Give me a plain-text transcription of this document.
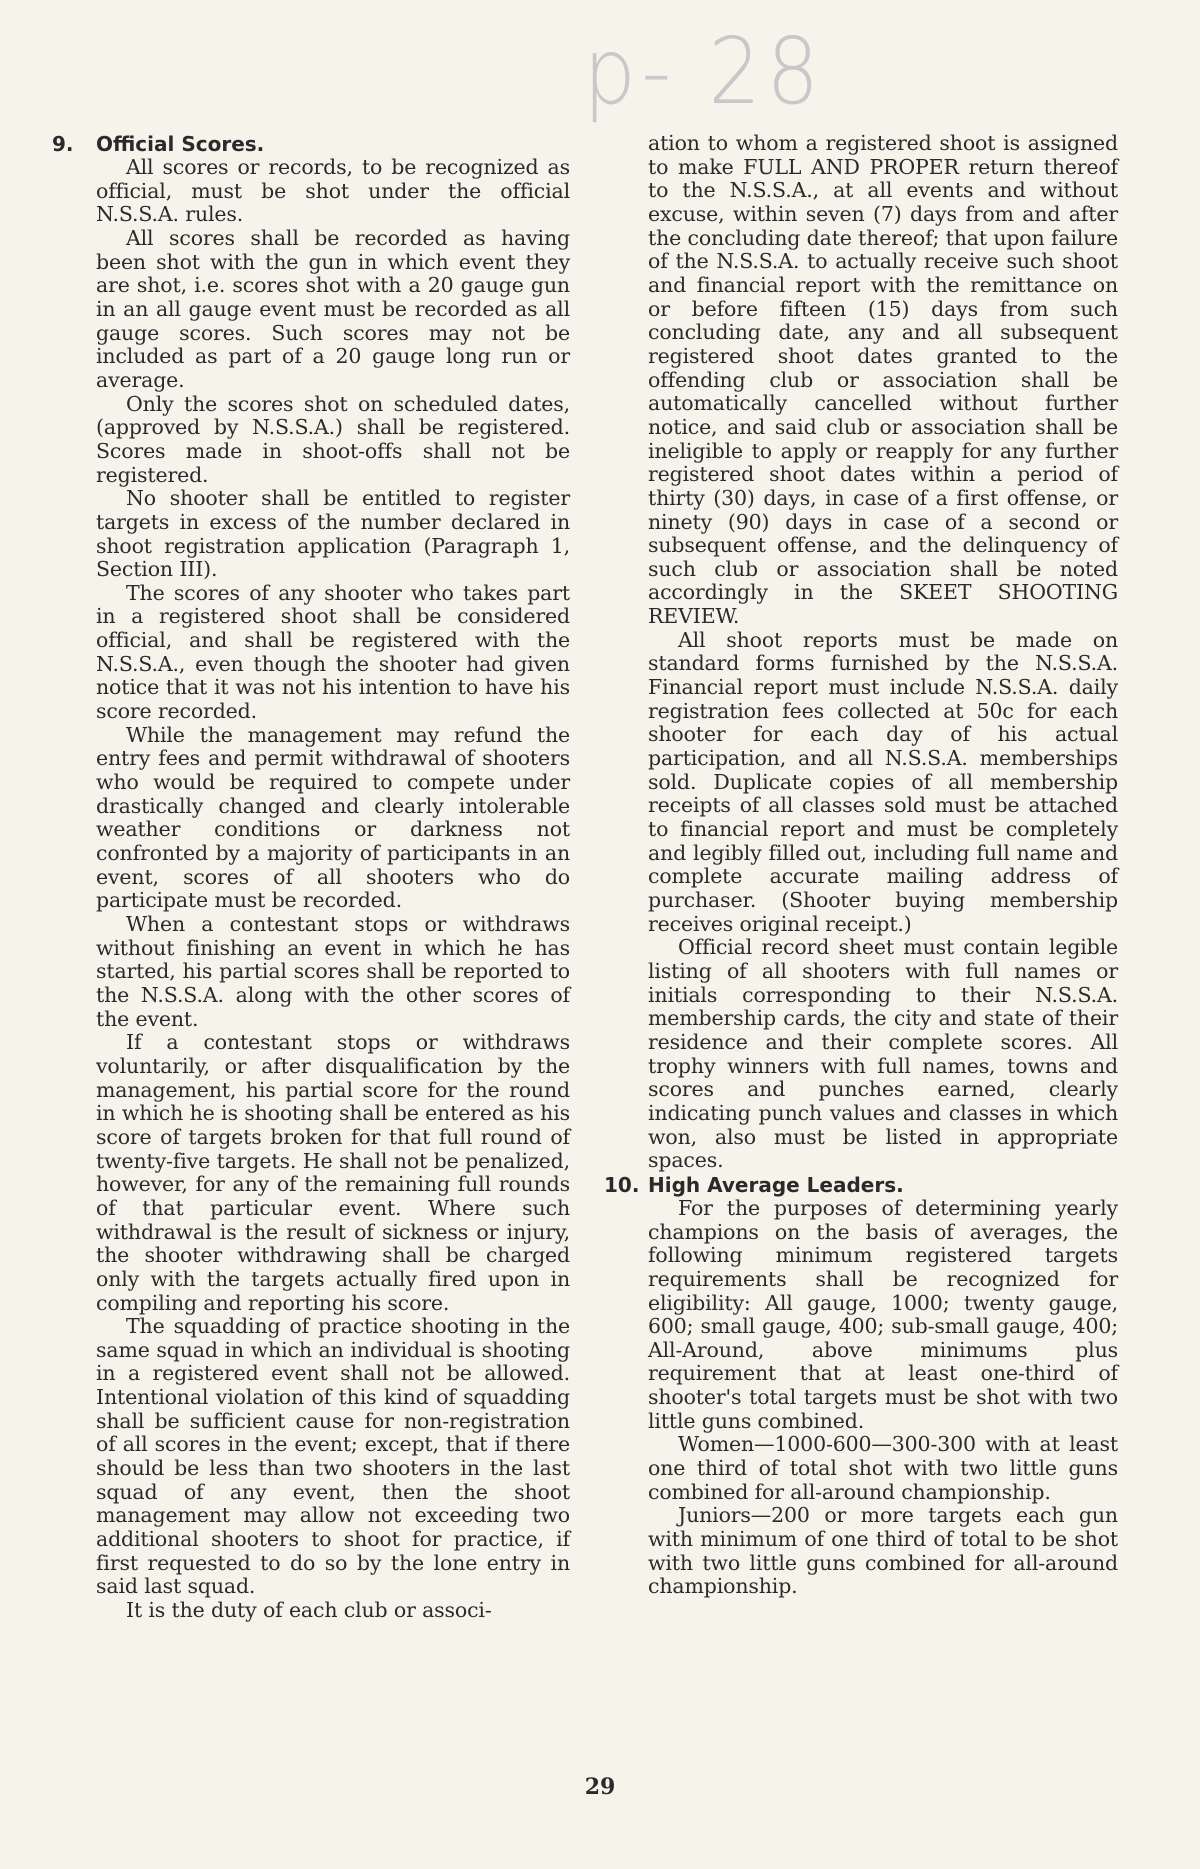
p- 28
9. Official Scores.

All scores or records, to be recognized as official, must be shot under the official N.S.S.A. rules.

All scores shall be recorded as having been shot with the gun in which event they are shot, i.e. scores shot with a 20 gauge gun in an all gauge event must be recorded as all gauge scores. Such scores may not be included as part of a 20 gauge long run or average.

Only the scores shot on scheduled dates, (approved by N.S.S.A.) shall be registered. Scores made in shoot-offs shall not be registered.

No shooter shall be entitled to register targets in excess of the number declared in shoot registration application (Paragraph 1, Section III).

The scores of any shooter who takes part in a registered shoot shall be considered official, and shall be registered with the N.S.S.A., even though the shooter had given notice that it was not his intention to have his score recorded.

While the management may refund the entry fees and permit withdrawal of shooters who would be required to compete under drastically changed and clearly intolerable weather conditions or darkness not confronted by a majority of participants in an event, scores of all shooters who do participate must be recorded.

When a contestant stops or withdraws without finishing an event in which he has started, his partial scores shall be reported to the N.S.S.A. along with the other scores of the event.

If a contestant stops or withdraws voluntarily, or after disqualification by the management, his partial score for the round in which he is shooting shall be entered as his score of targets broken for that full round of twenty-five targets. He shall not be penalized, however, for any of the remaining full rounds of that particular event. Where such withdrawal is the result of sickness or injury, the shooter withdrawing shall be charged only with the targets actually fired upon in compiling and reporting his score.

The squadding of practice shooting in the same squad in which an individual is shooting in a registered event shall not be allowed. Intentional violation of this kind of squadding shall be sufficient cause for non-registration of all scores in the event; except, that if there should be less than two shooters in the last squad of any event, then the shoot management may allow not exceeding two additional shooters to shoot for practice, if first requested to do so by the lone entry in said last squad.

It is the duty of each club or associ-

ation to whom a registered shoot is assigned to make FULL AND PROPER return thereof to the N.S.S.A., at all events and without excuse, within seven (7) days from and after the concluding date thereof; that upon failure of the N.S.S.A. to actually receive such shoot and financial report with the remittance on or before fifteen (15) days from such concluding date, any and all subsequent registered shoot dates granted to the offending club or association shall be automatically cancelled without further notice, and said club or association shall be ineligible to apply or reapply for any further registered shoot dates within a period of thirty (30) days, in case of a first offense, or ninety (90) days in case of a second or subsequent offense, and the delinquency of such club or association shall be noted accordingly in the SKEET SHOOTING REVIEW.

All shoot reports must be made on standard forms furnished by the N.S.S.A. Financial report must include N.S.S.A. daily registration fees collected at 50c for each shooter for each day of his actual participation, and all N.S.S.A. memberships sold. Duplicate copies of all membership receipts of all classes sold must be attached to financial report and must be completely and legibly filled out, including full name and complete accurate mailing address of purchaser. (Shooter buying membership receives original receipt.)

Official record sheet must contain legible listing of all shooters with full names or initials corresponding to their N.S.S.A. membership cards, the city and state of their residence and their complete scores. All trophy winners with full names, towns and scores and punches earned, clearly indicating punch values and classes in which won, also must be listed in appropriate spaces.

10. High Average Leaders.

For the purposes of determining yearly champions on the basis of averages, the following minimum registered targets requirements shall be recognized for eligibility: All gauge, 1000; twenty gauge, 600; small gauge, 400; sub-small gauge, 400; All-Around, above minimums plus requirement that at least one-third of shooter's total targets must be shot with two little guns combined.

Women—1000-600—300-300 with at least one third of total shot with two little guns combined for all-around championship.

Juniors—200 or more targets each gun with minimum of one third of total to be shot with two little guns combined for all-around championship.

29
